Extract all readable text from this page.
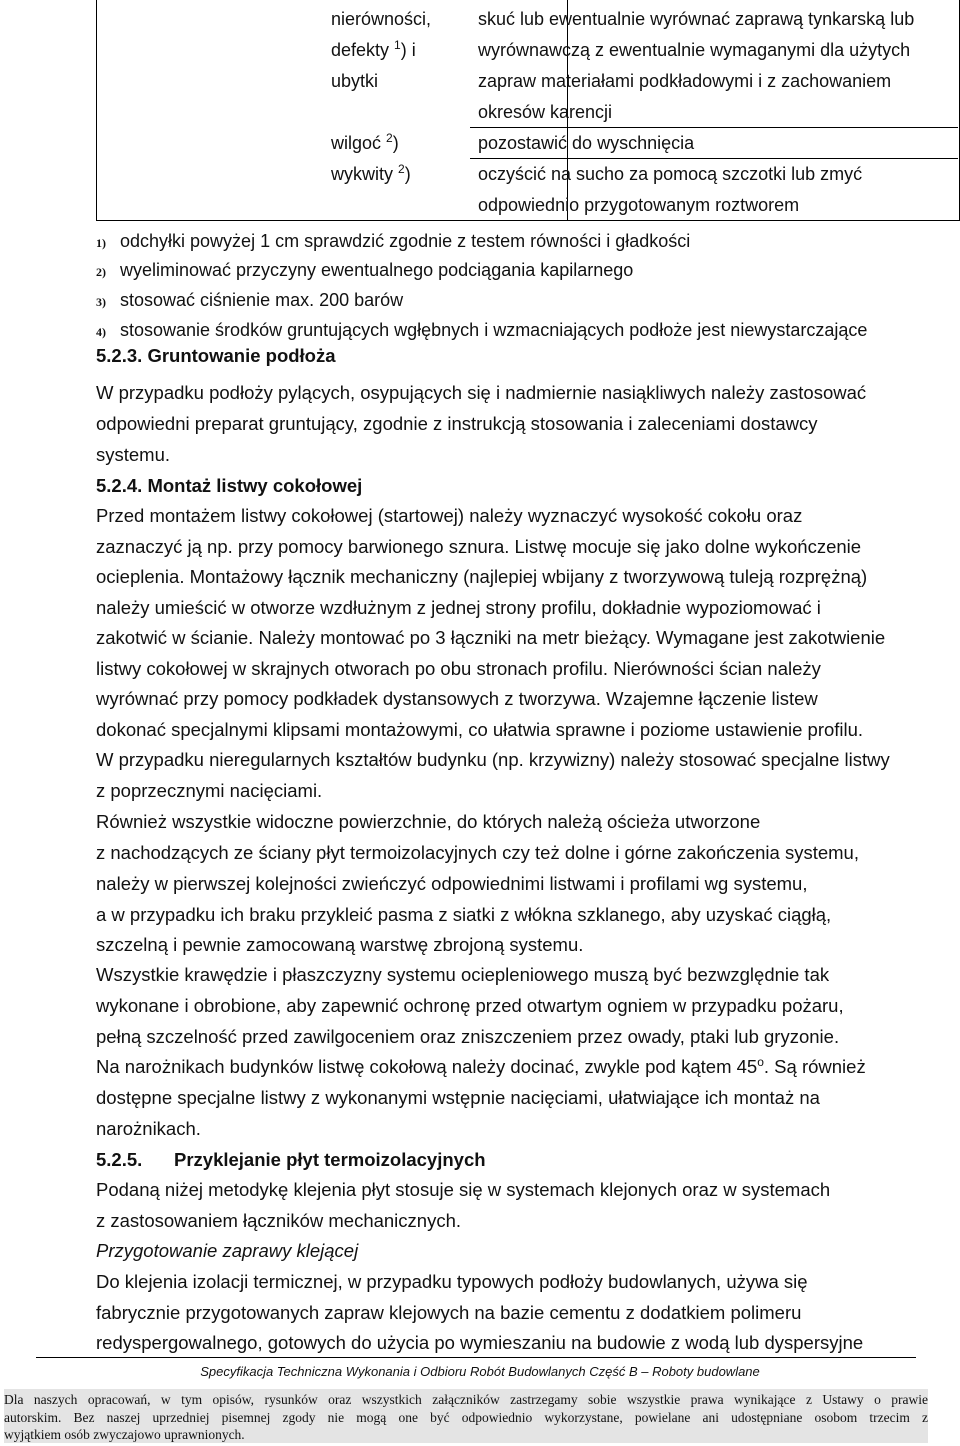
nierówności,
defekty $^1$) i
ubytki
skuć lub ewentualnie wyrównać zaprawą tynkarską lub
wyrównawczą z ewentualnie wymaganymi dla użytych
zapraw materiałami podkładowymi i z zachowaniem
okresów karencji
wilgoć $^2$)	pozostawić do wyschnięcia
wykwity $^2$)	oczyścić na sucho za pomocą szczotki lub zmyć
odpowiednio przygotowanym roztworem
1) odchyłki powyżej 1 cm sprawdzić zgodnie z testem równości i gładkości
2) wyeliminować przyczyny ewentualnego podciągania kapilarnego
3) stosować ciśnienie max. 200 barów
4) stosowanie środków gruntujących wgłębnych i wzmacniających podłoże jest niewystarczające
5.2.3. Gruntowanie podłoża
W przypadku podłoży pylących, osypujących się i nadmiernie nasiąkliwych należy zastosować
odpowiedni preparat gruntujący, zgodnie z instrukcją stosowania i zaleceniami dostawcy
systemu.
5.2.4. Montaż listwy cokołowej
Przed montażem listwy cokołowej (startowej) należy wyznaczyć wysokość cokołu oraz
zaznaczyć ją np. przy pomocy barwionego sznura. Listwę mocuje się jako dolne wykończenie
ocieplenia. Montażowy łącznik mechaniczny (najlepiej wbijany z tworzywową tuleją rozprężną)
należy umieścić w otworze wzdłużnym z jednej strony profilu, dokładnie wypoziomować i
zakotwić w ścianie. Należy montować po 3 łączniki na metr bieżący. Wymagane jest zakotwienie
listwy cokołowej w skrajnych otworach po obu stronach profilu. Nierówności ścian należy
wyrównać przy pomocy podkładek dystansowych z tworzywa. Wzajemne łączenie listew
dokonać specjalnymi klipsami montażowymi, co ułatwia sprawne i poziome ustawienie profilu.
W przypadku nieregularnych kształtów budynku (np. krzywizny) należy stosować specjalne listwy
z poprzecznymi nacięciami.
Również wszystkie widoczne powierzchnie, do których należą ościeża utworzone
z nachodzących ze ściany płyt termoizolacyjnych czy też dolne i górne zakończenia systemu,
należy w pierwszej kolejności zwieńczyć odpowiednimi listwami i profilami wg systemu,
a w przypadku ich braku przykleić pasma z siatki z włókna szklanego, aby uzyskać ciągłą,
szczelną i pewnie zamocowaną warstwę zbrojoną systemu.
Wszystkie krawędzie i płaszczyzny systemu ociepleniowego muszą być bezwzględnie tak
wykonane i obrobione, aby zapewnić ochronę przed otwartym ogniem w przypadku pożaru,
pełną szczelność przed zawilgoceniem oraz zniszczeniem przez owady, ptaki lub gryzonie.
Na narożnikach budynków listwę cokołową należy docinać, zwykle pod kątem 45$^o$. Są również
dostępne specjalne listwy z wykonanymi wstępnie nacięciami, ułatwiające ich montaż na
narożnikach.
5.2.5. Przyklejanie płyt termoizolacyjnych
Podaną niżej metodykę klejenia płyt stosuje się w systemach klejonych oraz w systemach
z zastosowaniem łączników mechanicznych.
Przygotowanie zaprawy klejącej
Do klejenia izolacji termicznej, w przypadku typowych podłoży budowlanych, używa się
fabrycznie przygotowanych zapraw klejowych na bazie cementu z dodatkiem polimeru
redyspergowalnego, gotowych do użycia po wymieszaniu na budowie z wodą lub dyspersyjne
Specyfikacja Techniczna Wykonania i Odbioru Robót Budowlanych Część B – Roboty budowlane
Dla naszych opracowań, w tym opisów, rysunków oraz wszystkich załączników zastrzegamy sobie wszystkie prawa wynikające z Ustawy o prawie
autorskim. Bez naszej uprzedniej pisemnej zgody nie mogą one być odpowiednio wykorzystane, powielane ani udostępniane osobom trzecim z
wyjątkiem osób zwyczajowo uprawnionych.
